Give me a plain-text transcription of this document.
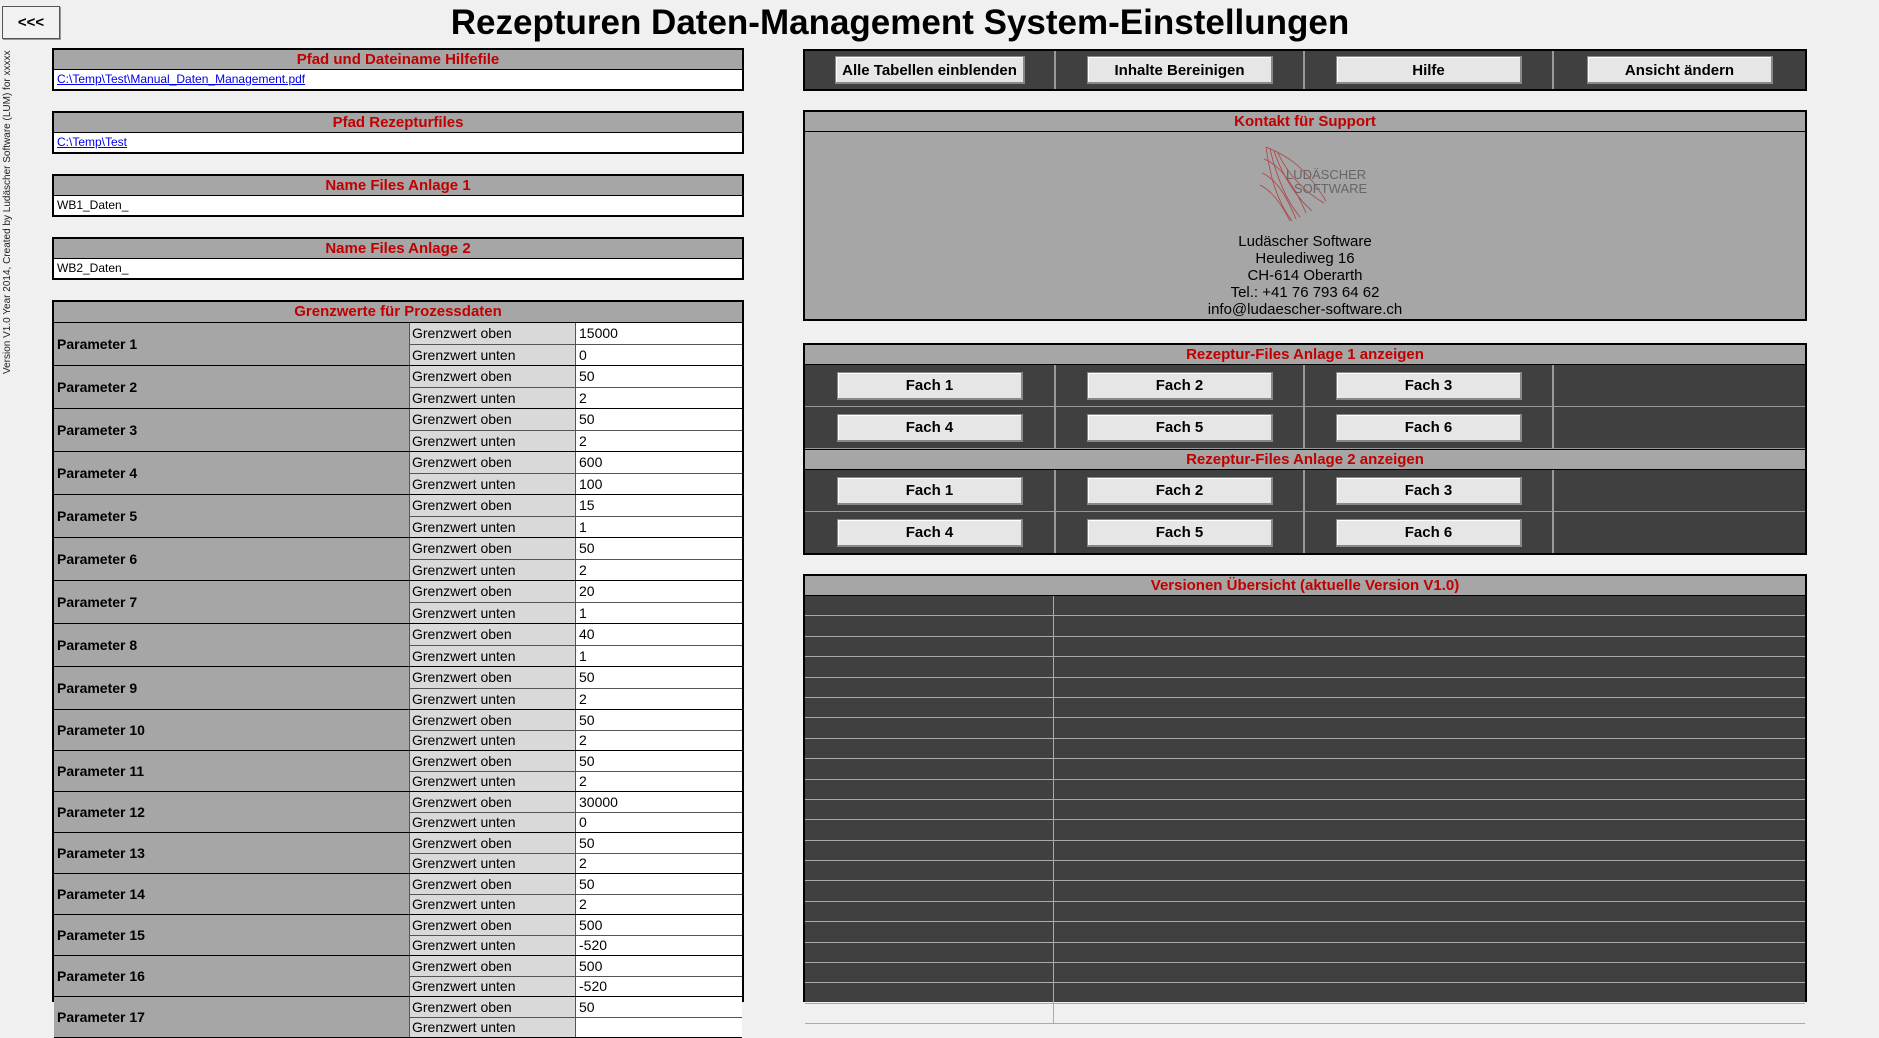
<<<
Version V1.0 Year 2014, Created by Ludäscher Software (LUM) for xxxxx
Rezepturen Daten-Management System-Einstellungen
Pfad und Dateiname Hilfefile
C:\Temp\Test\Manual_Daten_Management.pdf
Pfad Rezepturfiles
C:\Temp\Test
Name Files Anlage 1
WB1_Daten_
Name Files Anlage 2
WB2_Daten_
Grenzwerte für Prozessdaten
Parameter 1
Grenzwert oben	15000
Grenzwert unten	0
Parameter 2
Grenzwert oben	50
Grenzwert unten	2
Parameter 3
Grenzwert oben	50
Grenzwert unten	2
Parameter 4
Grenzwert oben	600
Grenzwert unten	100
Parameter 5
Grenzwert oben	15
Grenzwert unten	1
Parameter 6
Grenzwert oben	50
Grenzwert unten	2
Parameter 7
Grenzwert oben	20
Grenzwert unten	1
Parameter 8
Grenzwert oben	40
Grenzwert unten	1
Parameter 9
Grenzwert oben	50
Grenzwert unten	2
Parameter 10
Grenzwert oben	50
Grenzwert unten	2
Parameter 11
Grenzwert oben	50
Grenzwert unten	2
Parameter 12
Grenzwert oben	30000
Grenzwert unten	0
Parameter 13
Grenzwert oben	50
Grenzwert unten	2
Parameter 14
Grenzwert oben	50
Grenzwert unten	2
Parameter 15
Grenzwert oben	500
Grenzwert unten	-520
Parameter 16
Grenzwert oben	500
Grenzwert unten	-520
Parameter 17
Grenzwert oben	50
Grenzwert unten
Alle Tabellen einblenden	Inhalte Bereinigen	Hilfe	Ansicht ändern
Kontakt für Support
LUDÄSCHER
SOFTWARE
Ludäscher Software
Heulediweg 16
CH-614 Oberarth
Tel.: +41 76 793 64 62
info@ludaescher-software.ch
Rezeptur-Files Anlage 1 anzeigen
Fach 1	Fach 2	Fach 3
Fach 4	Fach 5	Fach 6
Rezeptur-Files Anlage 2 anzeigen
Fach 1	Fach 2	Fach 3
Fach 4	Fach 5	Fach 6
Versionen Übersicht (aktuelle Version V1.0)
